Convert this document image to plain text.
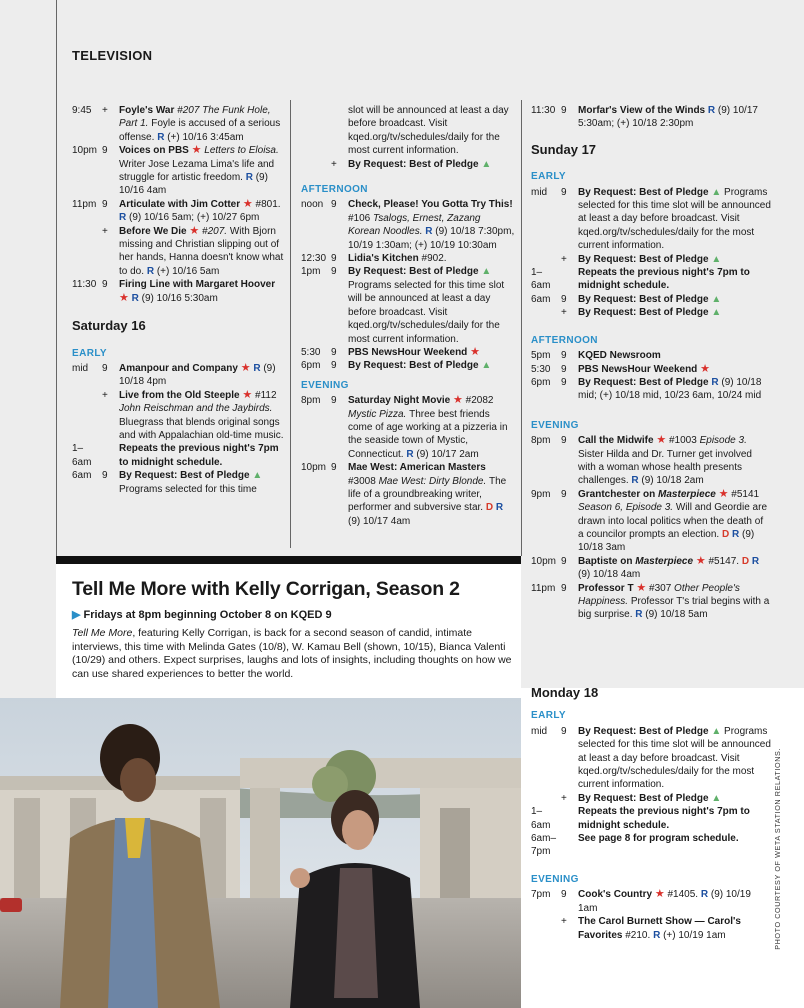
TELEVISION
9:45	+	Foyle's War #207 The Funk Hole, Part 1. Foyle is accused of a serious offense. R (+) 10/16 3:45am
10pm 9	Voices on PBS ★ Letters to Eloisa. Writer Jose Lezama Lima's life and struggle for artistic freedom. R (9) 10/16 4am
11pm 9	Articulate with Jim Cotter ★ #801. R (9) 10/16 5am; (+) 10/27 6pm
+	Before We Die ★ #207. With Bjorn missing and Christian slipping out of her hands, Hanna doesn't know what to do. R (+) 10/16 5am
11:30 9	Firing Line with Margaret Hoover ★ R (9) 10/16 5:30am
Saturday 16
EARLY
mid	9	Amanpour and Company ★ R (9) 10/18 4pm
+	Live from the Old Steeple ★ #112 John Reischman and the Jaybirds. Bluegrass that blends original songs and with Appalachian old-time music.
1–6am
Repeats the previous night's 7pm to midnight schedule.
6am	9	By Request: Best of Pledge ▲ Programs selected for this time
slot will be announced at least a day before broadcast. Visit kqed.org/tv/schedules/daily for the most current information.
+	By Request: Best of Pledge ▲
AFTERNOON
noon 9	Check, Please! You Gotta Try This! #106 Tsalogs, Ernest, Zazang Korean Noodles. R (9) 10/18 7:30pm, 10/19 1:30am; (+) 10/19 10:30am
12:30 9	Lidia's Kitchen #902.
1pm	9	By Request: Best of Pledge ▲ Programs selected for this time slot will be announced at least a day before broadcast. Visit kqed.org/tv/schedules/daily for the most current information.
5:30	9	PBS NewsHour Weekend ★
6pm	9	By Request: Best of Pledge ▲
EVENING
8pm	9	Saturday Night Movie ★ #2082 Mystic Pizza. Three best friends come of age working at a pizzeria in the seaside town of Mystic, Connecticut. R (9) 10/17 2am
10pm 9	Mae West: American Masters #3008 Mae West: Dirty Blonde. The life of a groundbreaking writer, performer and subversive star. D R (9) 10/17 4am
11:30 9	Morfar's View of the Winds R (9) 10/17 5:30am; (+) 10/18 2:30pm
Sunday 17
EARLY
mid	9	By Request: Best of Pledge ▲ Programs selected for this time slot will be announced at least a day before broadcast. Visit kqed.org/tv/schedules/daily for the most current information.
+	By Request: Best of Pledge ▲
1–6am
Repeats the previous night's 7pm to midnight schedule.
6am	9	By Request: Best of Pledge ▲
+	By Request: Best of Pledge ▲
AFTERNOON
5pm	9	KQED Newsroom
5:30	9	PBS NewsHour Weekend ★
6pm	9	By Request: Best of Pledge R (9) 10/18 mid; (+) 10/18 mid, 10/23 6am, 10/24 mid
EVENING
8pm	9	Call the Midwife ★ #1003 Episode 3. Sister Hilda and Dr. Turner get involved with a woman whose health presents challenges. R (9) 10/18 2am
9pm	9	Grantchester on Masterpiece ★ #5141 Season 6, Episode 3. Will and Geordie are drawn into local politics when the death of a councilor prompts an election. D R (9) 10/18 3am
10pm 9	Baptiste on Masterpiece ★ #5147. D R (9) 10/18 4am
11pm 9	Professor T ★ #307 Other People's Happiness. Professor T's trial begins with a big surprise. R (9) 10/18 5am
Tell Me More with Kelly Corrigan, Season 2
▶ Fridays at 8pm beginning October 8 on KQED 9
Tell Me More, featuring Kelly Corrigan, is back for a second season of candid, intimate interviews, this time with Melinda Gates (10/8), W. Kamau Bell (shown, 10/15), Bianca Valenti (10/29) and others. Expect surprises, laughs and lots of insights, including thoughts on how we can use shared experiences to better the world.
Monday 18
EARLY
mid	9	By Request: Best of Pledge ▲ Programs selected for this time slot will be announced at least a day before broadcast. Visit kqed.org/tv/schedules/daily for the most current information.
+	By Request: Best of Pledge ▲
1–6am
Repeats the previous night's 7pm to midnight schedule.
6am–7pm
See page 8 for program schedule.
EVENING
7pm	9	Cook's Country ★ #1405. R (9) 10/19 1am
+	The Carol Burnett Show — Carol's Favorites #210. R (+) 10/19 1am	PHOTO COURTESY OF WETA STATION RELATIONS.
